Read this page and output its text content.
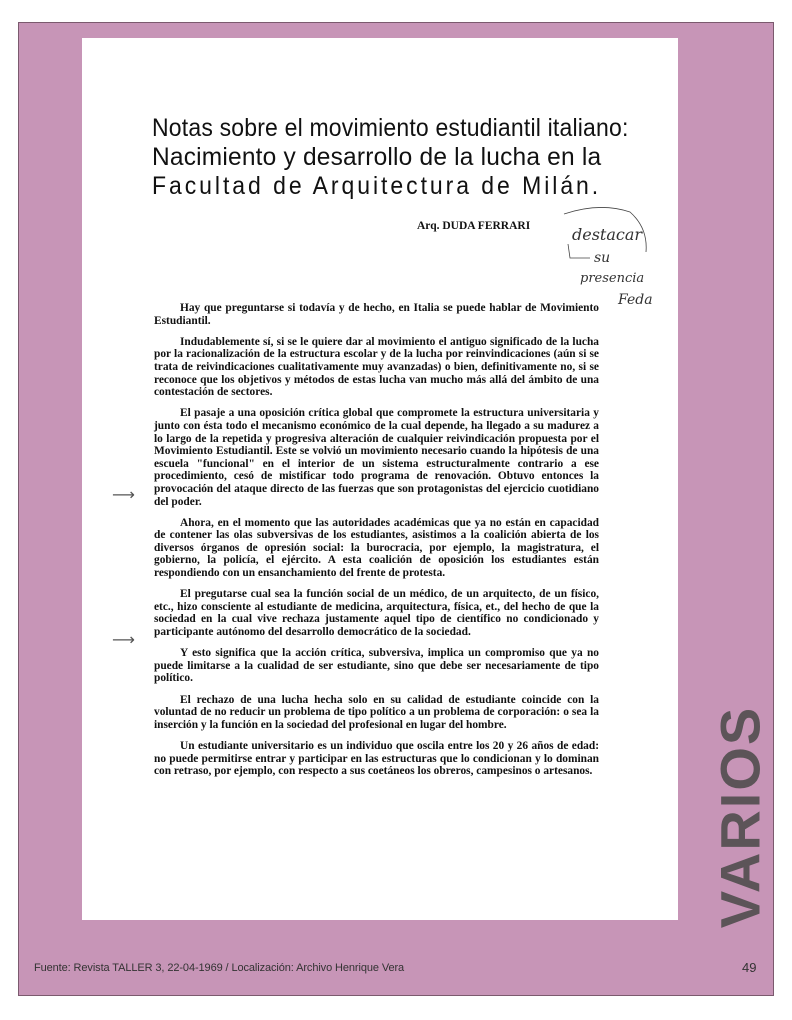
Notas sobre el movimiento estudiantil italiano:
Nacimiento y desarrollo de la lucha en la
Facultad de Arquitectura de Milán.
Arq. DUDA FERRARI	destacar
su
presencia
Feda

Hay que preguntarse si todavía y de hecho, en Italia se puede hablar de Movimiento Estudiantil.

Indudablemente sí, si se le quiere dar al movimiento el antiguo significado de la lucha por la racionalización de la estructura escolar y de la lucha por reinvindicaciones (aún si se trata de reivindicaciones cualitativamente muy avanzadas) o bien, definitivamente no, si se reconoce que los objetivos y métodos de estas lucha van mucho más allá del ámbito de una contestación de sectores.

El pasaje a una oposición crítica global que compromete la estructura universitaria y junto con ésta todo el mecanismo económico de la cual depende, ha llegado a su madurez a lo largo de la repetida y progresiva alteración de cualquier reivindicación propuesta por el Movimiento Estudiantil. Este se volvió un movimiento necesario cuando la hipótesis de una escuela "funcional" en el interior de un sistema estructuralmente contrario a ese procedimiento, cesó de mistificar todo programa de renovación. Obtuvo entonces la provocación del ataque directo de las fuerzas que son protagonistas del ejercicio cuotidiano del poder.

Ahora, en el momento que las autoridades académicas que ya no están en capacidad de contener las olas subversivas de los estudiantes, asistimos a la coalición abierta de los diversos órganos de opresión social: la burocracia, por ejemplo, la magistratura, el gobierno, la policía, el ejército. A esta coalición de oposición los estudiantes están respondiendo con un ensanchamiento del frente de protesta.

El pregutarse cual sea la función social de un médico, de un arquitecto, de un físico, etc., hizo consciente al estudiante de medicina, arquitectura, física, et., del hecho de que la sociedad en la cual vive rechaza justamente aquel tipo de científico no condicionado y participante autónomo del desarrollo democrático de la sociedad.

Y esto significa que la acción crítica, subversiva, implica un compromiso que ya no puede limitarse a la cualidad de ser estudiante, sino que debe ser necesariamente de tipo político.

El rechazo de una lucha hecha solo en su calidad de estudiante coincide con la voluntad de no reducir un problema de tipo político a un problema de corporación: o sea la inserción y la función en la sociedad del profesional en lugar del hombre.

Un estudiante universitario es un individuo que oscila entre los 20 y 26 años de edad: no puede permitirse entrar y participar en las estructuras que lo condicionan y lo dominan con retraso, por ejemplo, con respecto a sus coetáneos los obreros, campesinos o artesanos.

⟶
⟶
VARIOS
Fuente: Revista TALLER 3, 22-04-1969 / Localización: Archivo Henrique Vera	49
